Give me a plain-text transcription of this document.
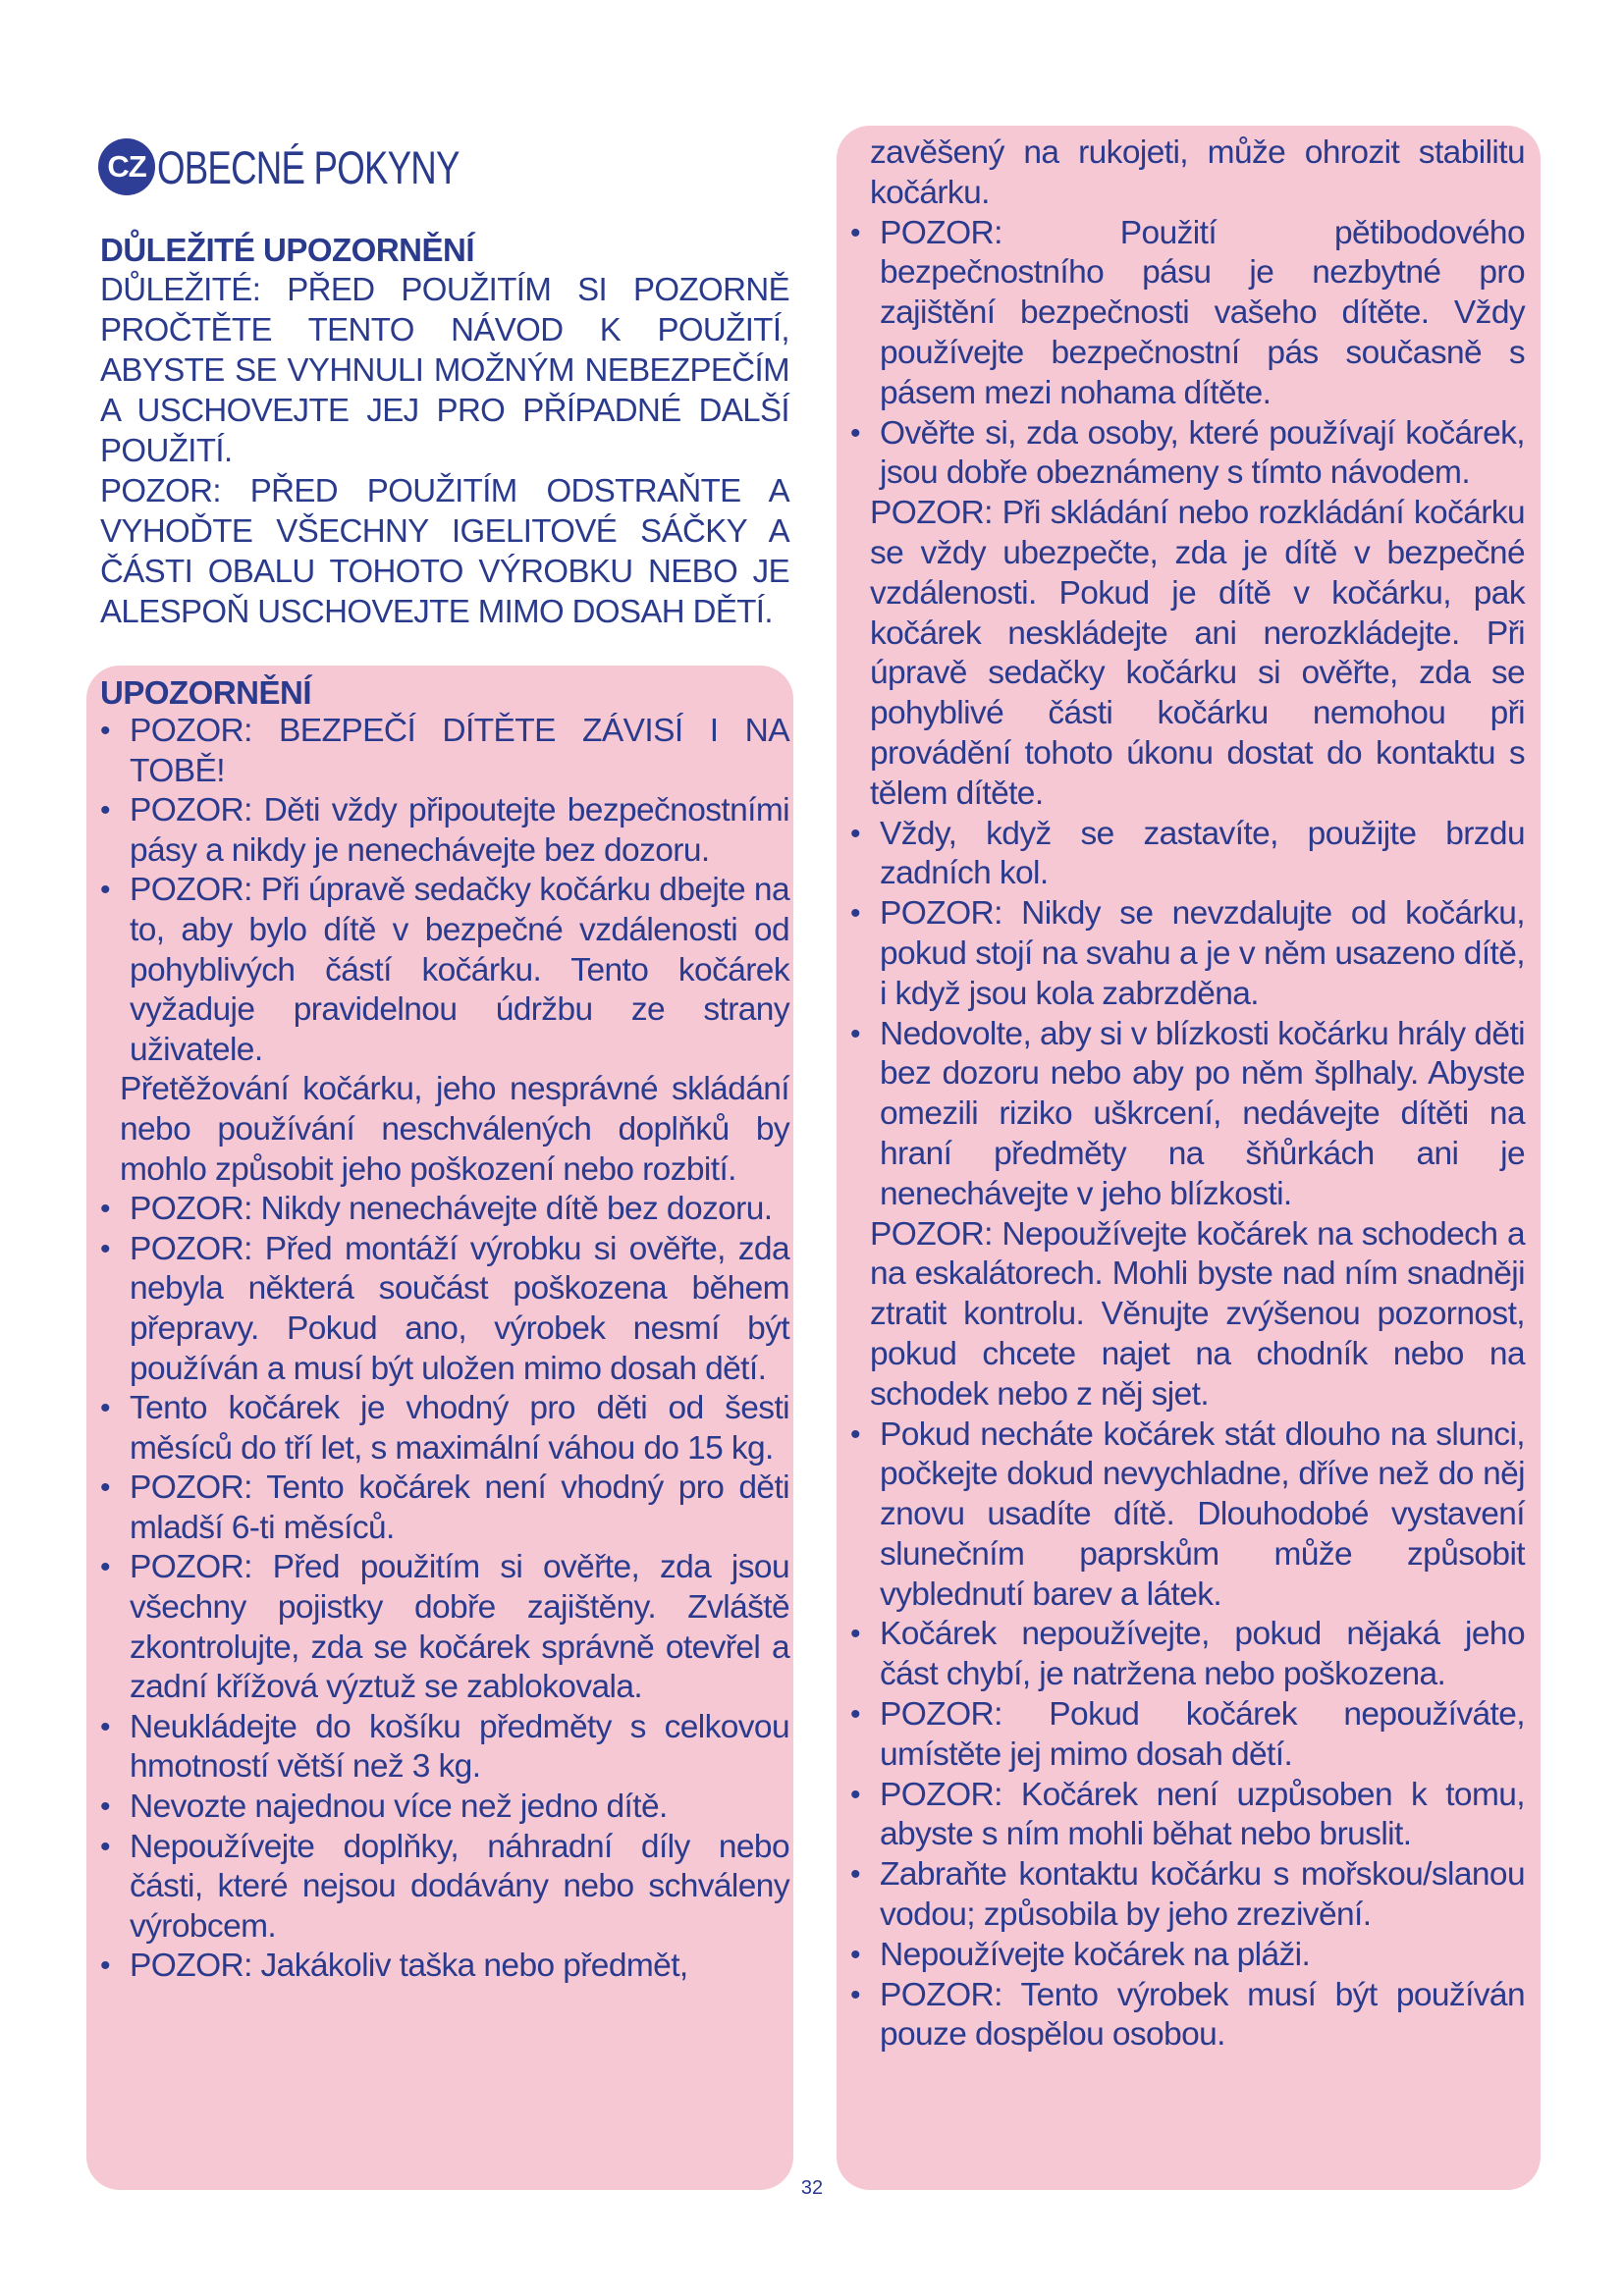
CZ OBECNÉ POKYNY
DŮLEŽITÉ UPOZORNĚNÍ

DŮLEŽITÉ: PŘED POUŽITÍM SI POZORNĚ PROČTĚTE TENTO NÁVOD K POUŽITÍ, ABYSTE SE VYHNULI MOŽNÝM NEBEZPEČÍM A USCHOVEJTE JEJ PRO PŘÍPADNÉ DALŠÍ POUŽITÍ.

POZOR: PŘED POUŽITÍM ODSTRAŇTE A VYHOĎTE VŠECHNY IGELITOVÉ SÁČKY A ČÁSTI OBALU TOHOTO VÝROBKU NEBO JE ALESPOŇ USCHOVEJTE MIMO DOSAH DĚTÍ.

UPOZORNĚNÍ
• POZOR: BEZPEČÍ DÍTĚTE ZÁVISÍ I NA TOBĚ!
• POZOR: Děti vždy připoutejte bezpečnostními pásy a nikdy je nenechávejte bez dozoru.
• POZOR: Při úpravě sedačky kočárku dbejte na to, aby bylo dítě v bezpečné vzdálenosti od pohyblivých částí kočárku. Tento kočárek vyžaduje pravidelnou údržbu ze strany uživatele.
Přetěžování kočárku, jeho nesprávné skládání nebo používání neschválených doplňků by mohlo způsobit jeho poškození nebo rozbití.
• POZOR: Nikdy nenechávejte dítě bez dozoru.
• POZOR: Před montáží výrobku si ověřte, zda nebyla některá součást poškozena během přepravy. Pokud ano, výrobek nesmí být používán a musí být uložen mimo dosah dětí.
• Tento kočárek je vhodný pro děti od šesti měsíců do tří let, s maximální váhou do 15 kg.
• POZOR: Tento kočárek není vhodný pro děti mladší 6-ti měsíců.
• POZOR: Před použitím si ověřte, zda jsou všechny pojistky dobře zajištěny. Zvláště zkontrolujte, zda se kočárek správně otevřel a zadní křížová výztuž se zablokovala.
• Neukládejte do košíku předměty s celkovou hmotností větší než 3 kg.
• Nevozte najednou více než jedno dítě.
• Nepoužívejte doplňky, náhradní díly nebo části, které nejsou dodávány nebo schváleny výrobcem.
• POZOR: Jakákoliv taška nebo předmět,
zavěšený na rukojeti, může ohrozit stabilitu kočárku.
• POZOR: Použití pětibodového bezpečnostního pásu je nezbytné pro zajištění bezpečnosti vašeho dítěte. Vždy používejte bezpečnostní pás současně s pásem mezi nohama dítěte.
• Ověřte si, zda osoby, které používají kočárek, jsou dobře obeznámeny s tímto návodem.
POZOR: Při skládání nebo rozkládání kočárku se vždy ubezpečte, zda je dítě v bezpečné vzdálenosti. Pokud je dítě v kočárku, pak kočárek neskládejte ani nerozkládejte. Při úpravě sedačky kočárku si ověřte, zda se pohyblivé části kočárku nemohou při provádění tohoto úkonu dostat do kontaktu s tělem dítěte.
• Vždy, když se zastavíte, použijte brzdu zadních kol.
• POZOR: Nikdy se nevzdalujte od kočárku, pokud stojí na svahu a je v něm usazeno dítě, i když jsou kola zabrzděna.
• Nedovolte, aby si v blízkosti kočárku hrály děti bez dozoru nebo aby po něm šplhaly. Abyste omezili riziko uškrcení, nedávejte dítěti na hraní předměty na šňůrkách ani je nenechávejte v jeho blízkosti.
POZOR: Nepoužívejte kočárek na schodech a na eskalátorech. Mohli byste nad ním snadněji ztratit kontrolu. Věnujte zvýšenou pozornost, pokud chcete najet na chodník nebo na schodek nebo z něj sjet.
• Pokud necháte kočárek stát dlouho na slunci, počkejte dokud nevychladne, dříve než do něj znovu usadíte dítě. Dlouhodobé vystavení slunečním paprskům může způsobit vyblednutí barev a látek.
• Kočárek nepoužívejte, pokud nějaká jeho část chybí, je natržena nebo poškozena.
• POZOR: Pokud kočárek nepoužíváte, umístěte jej mimo dosah dětí.
• POZOR: Kočárek není uzpůsoben k tomu, abyste s ním mohli běhat nebo bruslit.
• Zabraňte kontaktu kočárku s mořskou/slanou vodou; způsobila by jeho zrezivění.
• Nepoužívejte kočárek na pláži.
• POZOR: Tento výrobek musí být používán pouze dospělou osobou.
32
